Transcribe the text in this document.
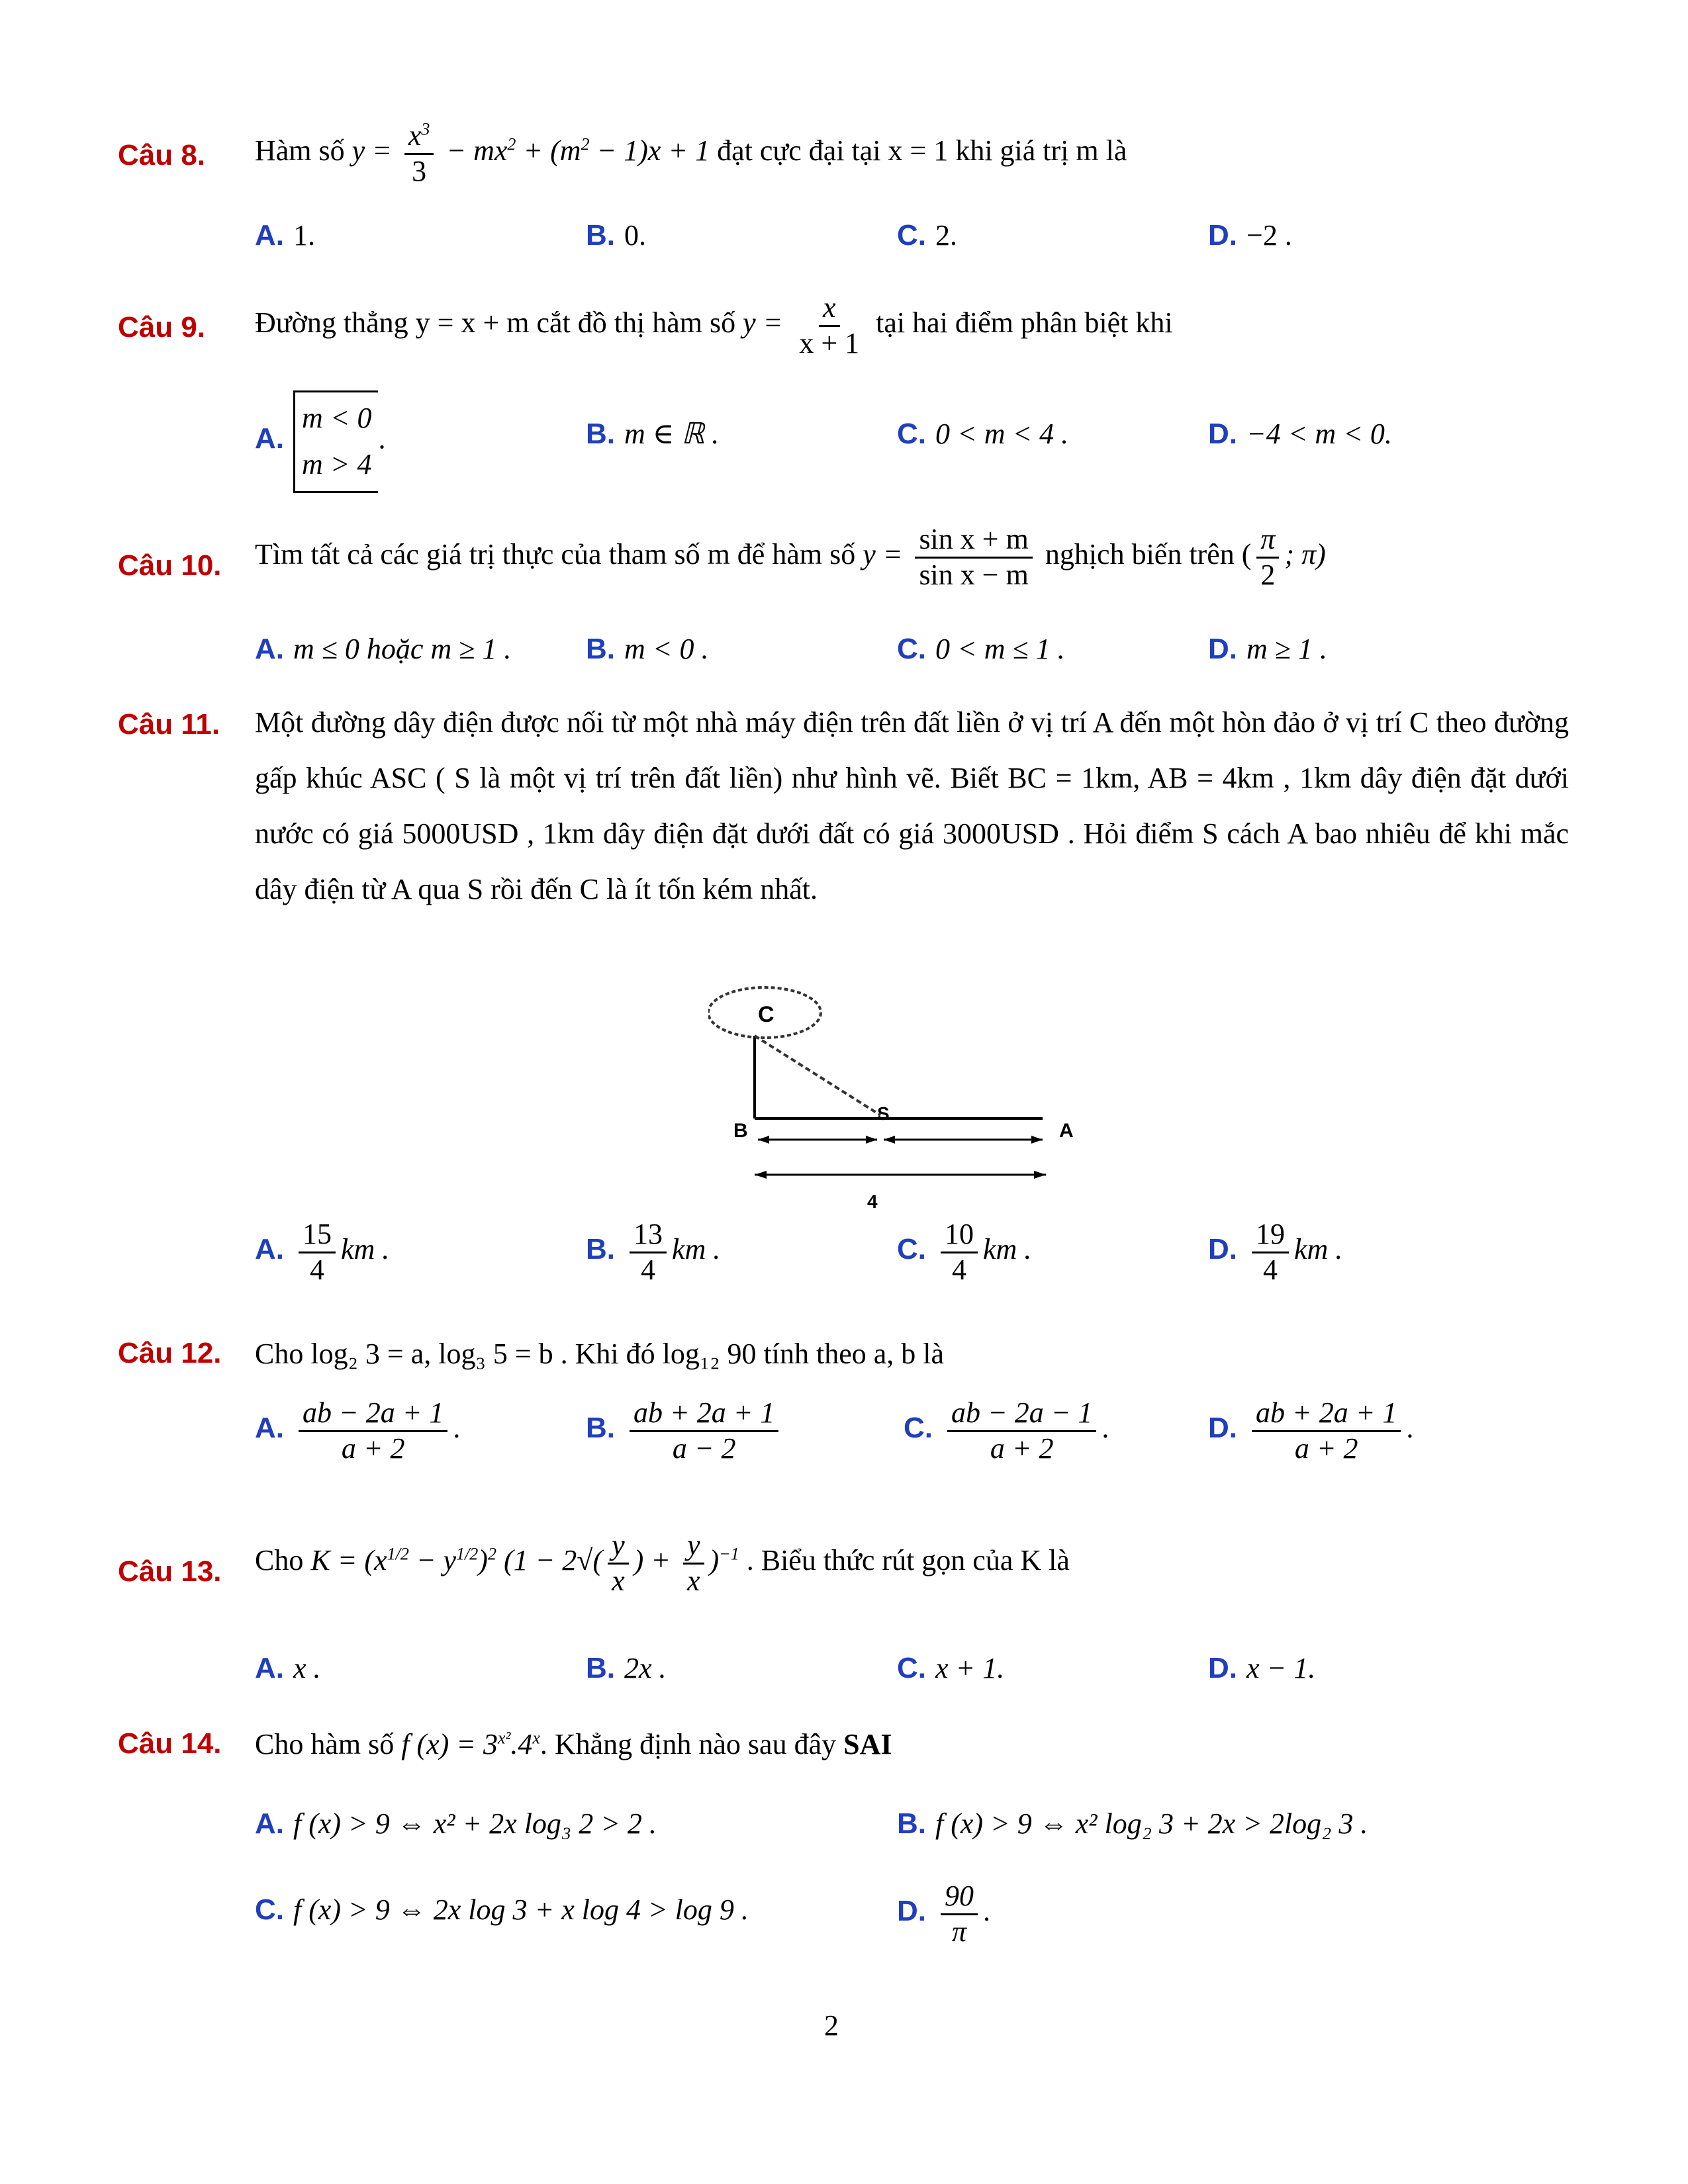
Câu 8. Hàm số $y = \frac{x^3}{3} - mx^2 + (m^2 - 1)x + 1$ đạt cực đại tại x = 1 khi giá trị m là
A. 1.	B. 0.	C. 2.	D. −2 .
Câu 9. Đường thẳng y = x + m cắt đồ thị hàm số $y = \frac{x}{x + 1}$ tại hai điểm phân biệt khi
A.m < 0
m > 4.	B. m ∈ ℝ .	C. 0 < m < 4 .	D. −4 < m < 0.
Câu 10. Tìm tất cả các giá trị thực của tham số m để hàm số $y = \frac{\text{sin x + m}}{\text{sin x − m}}$ nghịch biến trên ( $\frac{\pi}{2}$ ; π)
A. m ≤ 0 hoặc m ≥ 1 .	B. m < 0 .	C. 0 < m ≤ 1 .	D. m ≥ 1 .
Câu 11. Một đường dây điện được nối từ một nhà máy điện trên đất liền ở vị trí A đến một hòn đảo ở vị trí C theo đường gấp khúc ASC ( S là một vị trí trên đất liền) như hình vẽ. Biết BC = 1km, AB = 4km , 1km dây điện đặt dưới nước có giá 5000USD , 1km dây điện đặt dưới đất có giá 3000USD . Hỏi điểm S cách A bao nhiêu để khi mắc dây điện từ A qua S rồi đến C là ít tốn kém nhất.
C
B
S
A
4
A. $\frac{15}{4}$ km .	B. $\frac{13}{4}$ km .	C. $\frac{10}{4}$ km .	D. $\frac{19}{4}$ km .
Câu 12. Cho log₂ 3 = a, log₃ 5 = b . Khi đó log₁₂ 90 tính theo a, b là
A. $\frac{ab - 2a + 1}{a + 2}$ .	B. $\frac{ab + 2a + 1}{a - 2}$	C. $\frac{ab - 2a - 1}{a + 2}$ .	D. $\frac{ab + 2a + 1}{a + 2}$ .
Câu 13. Cho $K = (x^{1/2} - y^{1/2})^2$ ($1 - 2√( \frac{y}{x}$ ) + $\frac{y}{x} )^{-1}$ . Biểu thức rút gọn của K là
A. x .	B. 2x .	C. x + 1.	D. x − 1.
Câu 14. Cho hàm số f $(x) = 3^{x^2}.4^x$. Khẳng định nào sau đây SAI
A. f (x) > 9 ⇔ x² + 2x log₃ 2 > 2 .	B. f (x) > 9 ⇔ x² log₂ 3 + 2x > 2log₂ 3 .
C. f (x) > 9 ⇔ 2x log 3 + x log 4 > log 9 .	D. $\frac{90}{\pi}$ .
2
